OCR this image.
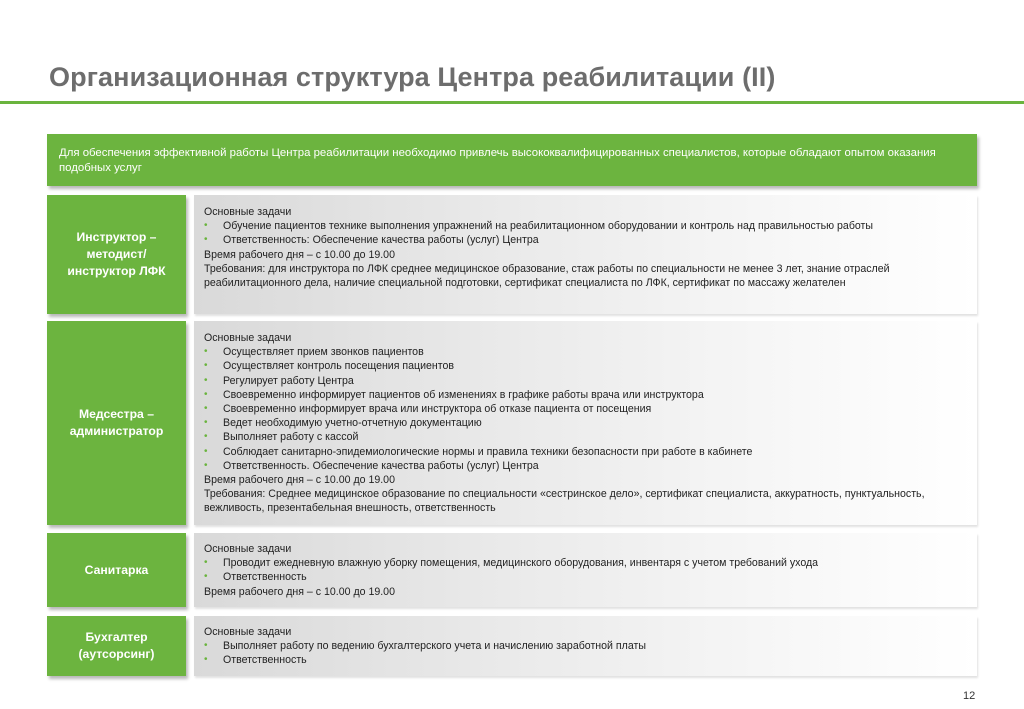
Организационная структура Центра реабилитации (II)
Для обеспечения эффективной работы Центра реабилитации необходимо привлечь высококвалифицированных специалистов, которые обладают опытом оказания подобных услуг
Инструктор – методист/ инструктор ЛФК
Основные задачи
• Обучение пациентов технике выполнения упражнений на реабилитационном оборудовании и контроль над правильностью работы
• Ответственность: Обеспечение качества работы (услуг) Центра
Время рабочего дня – с 10.00 до 19.00
Требования: для инструктора по ЛФК среднее медицинское образование, стаж работы по специальности не менее 3 лет, знание отраслей реабилитационного дела, наличие специальной подготовки, сертификат специалиста по ЛФК, сертификат по массажу желателен
Медсестра – администратор
Основные задачи
• Осуществляет прием звонков пациентов
• Осуществляет контроль посещения пациентов
• Регулирует работу Центра
• Своевременно информирует пациентов об изменениях в графике работы врача или инструктора
• Своевременно информирует врача или инструктора об отказе пациента от посещения
• Ведет необходимую учетно-отчетную документацию
• Выполняет работу с кассой
• Соблюдает санитарно-эпидемиологические нормы и правила техники безопасности при работе в кабинете
• Ответственность. Обеспечение качества работы (услуг) Центра
Время рабочего дня – с 10.00 до 19.00
Требования: Среднее медицинское образование по специальности «сестринское дело», сертификат специалиста, аккуратность, пунктуальность, вежливость, презентабельная внешность, ответственность
Санитарка
Основные задачи
• Проводит ежедневную влажную уборку помещения, медицинского оборудования, инвентаря с учетом требований ухода
• Ответственность
Время рабочего дня – с 10.00 до 19.00
Бухгалтер (аутсорсинг)
Основные задачи
• Выполняет работу по ведению бухгалтерского учета и начислению заработной платы
• Ответственность
12
